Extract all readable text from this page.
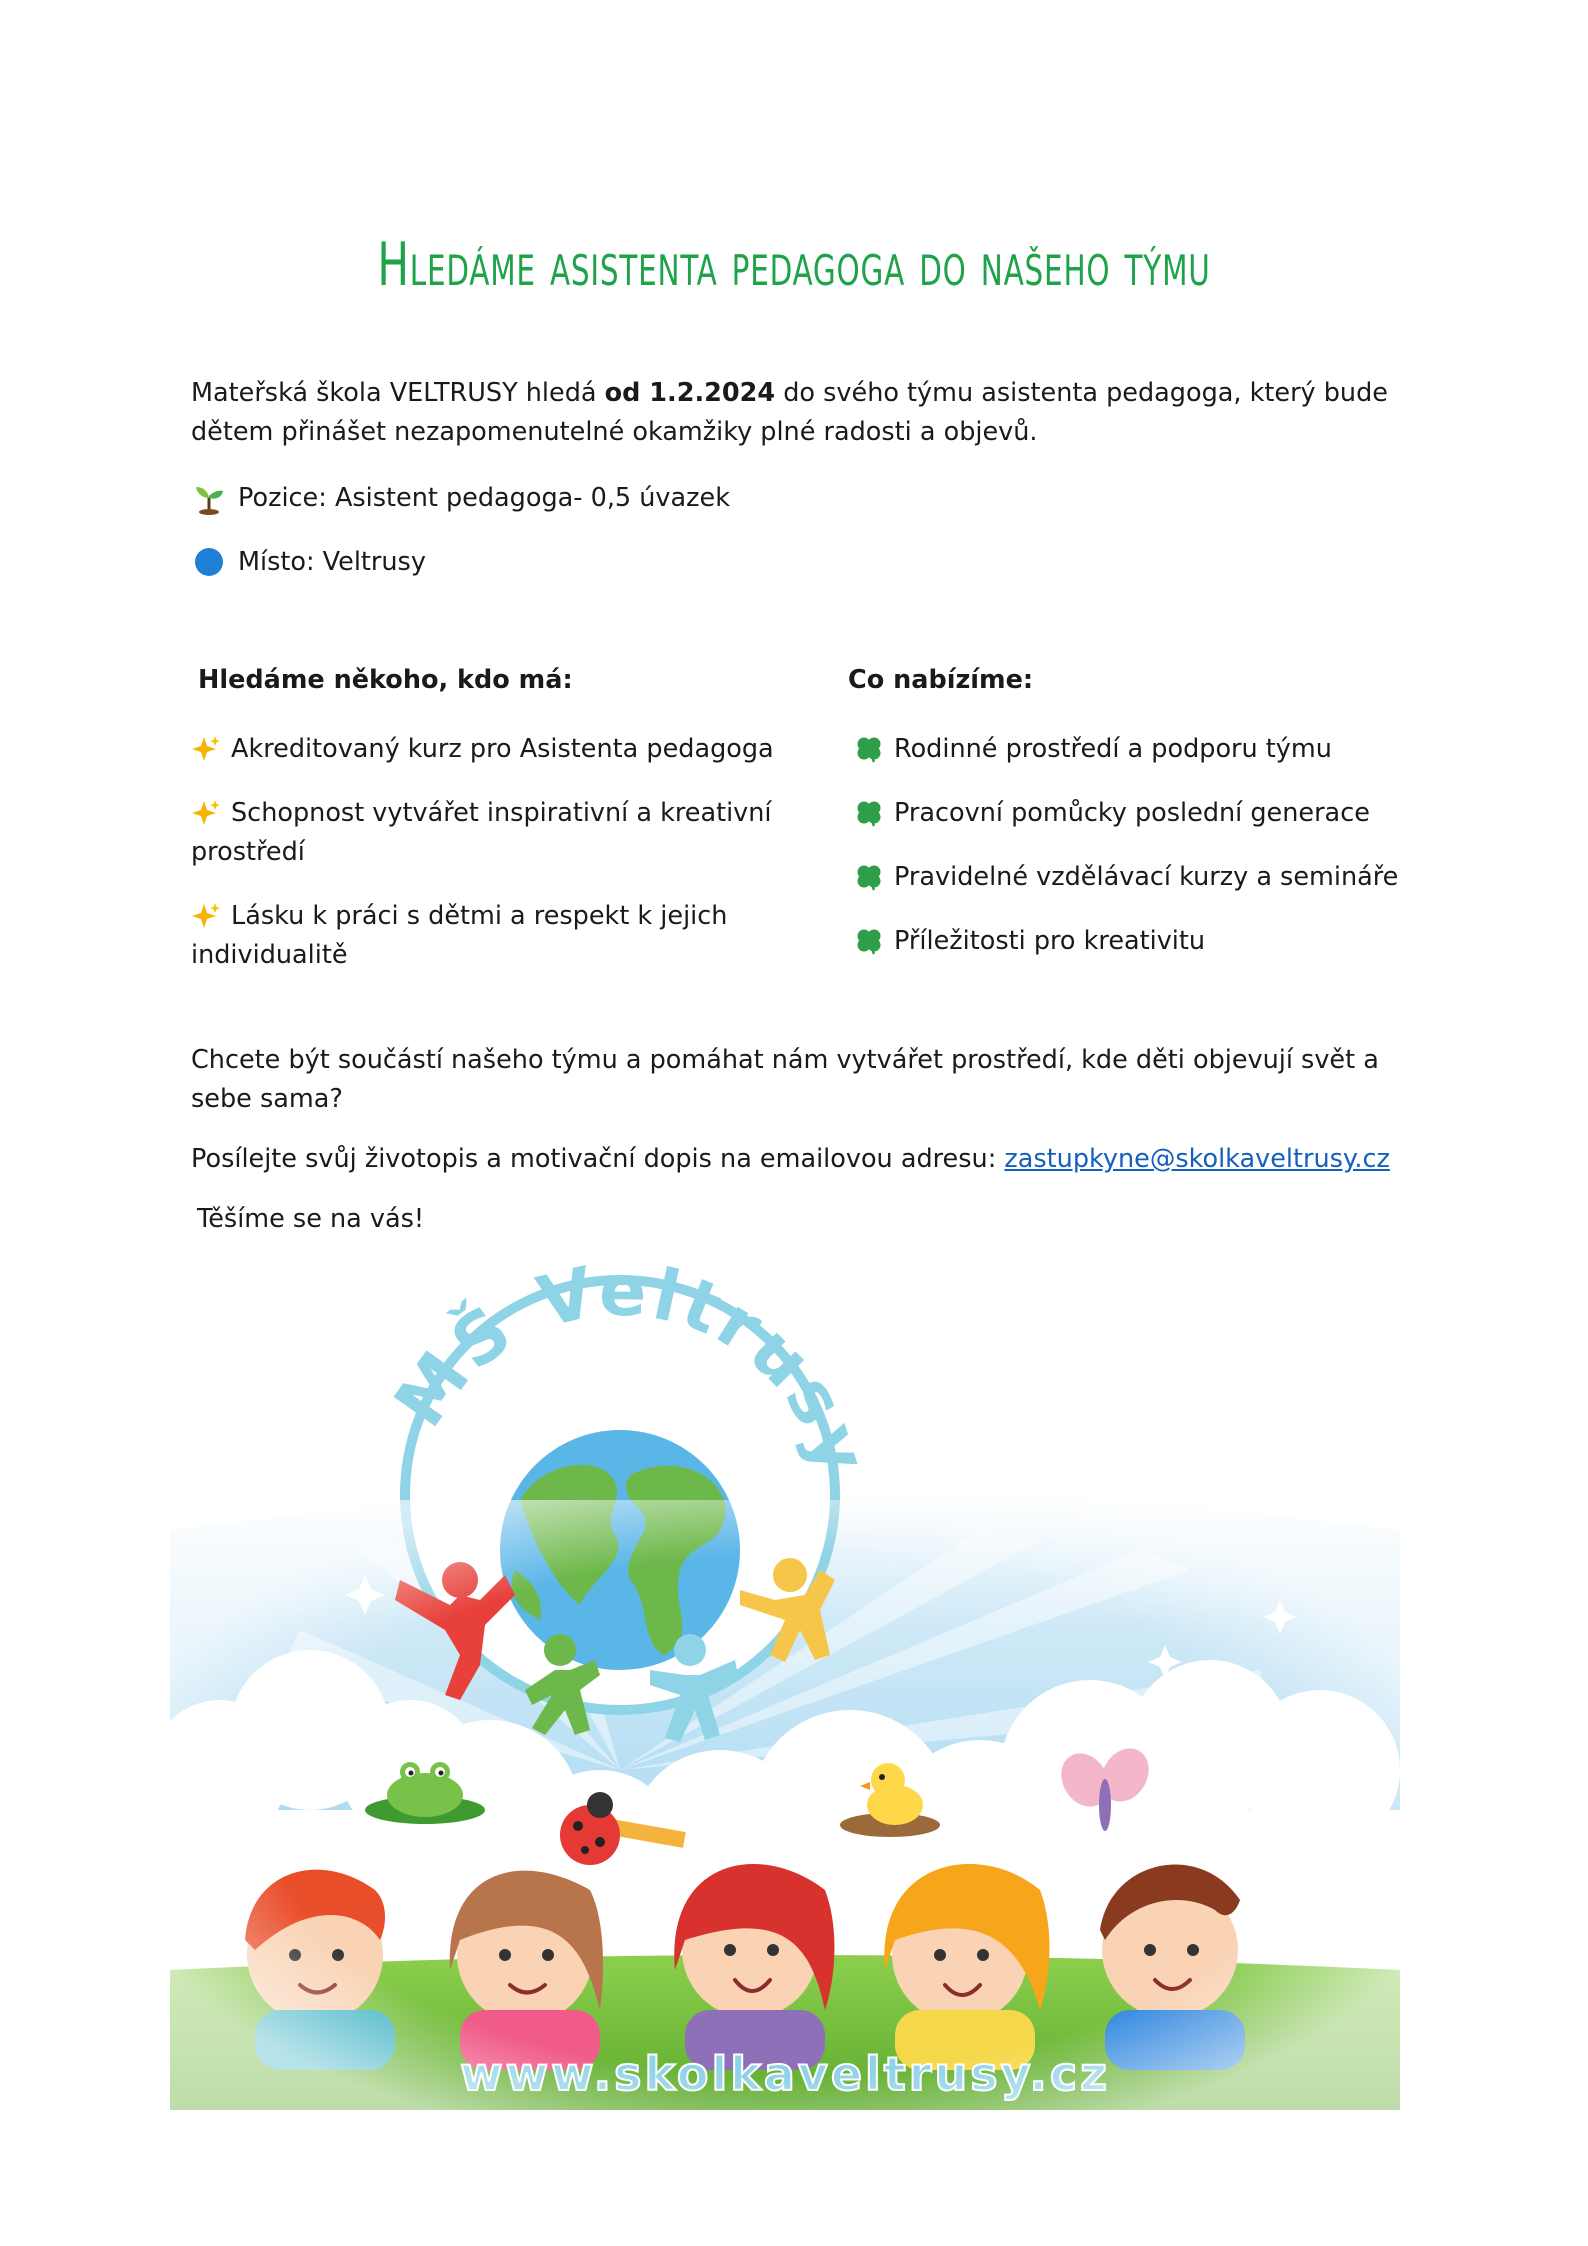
Hledáme asistenta pedagoga do našeho týmu

Mateřská škola VELTRUSY hledá od 1.2.2024 do svého týmu asistenta pedagoga, který bude dětem přinášet nezapomenutelné okamžiky plné radosti a objevů.

Pozice: Asistent pedagoga- 0,5 úvazek
Místo: Veltrusy
Hledáme někoho, kdo má:
Akreditovaný kurz pro Asistenta pedagoga
Schopnost vytvářet inspirativní a kreativní prostředí
Lásku k práci s dětmi a respekt k jejich individualitě
Co nabízíme:
Rodinné prostředí a podporu týmu
Pracovní pomůcky poslední generace
Pravidelné vzdělávací kurzy a semináře
Příležitosti pro kreativitu

Chcete být součástí našeho týmu a pomáhat nám vytvářet prostředí, kde děti objevují svět a sebe sama?

Posílejte svůj životopis a motivační dopis na emailovou adresu: zastupkyne@skolkaveltrusy.cz

Těšíme se na vás!

MŠ Veltrusy
